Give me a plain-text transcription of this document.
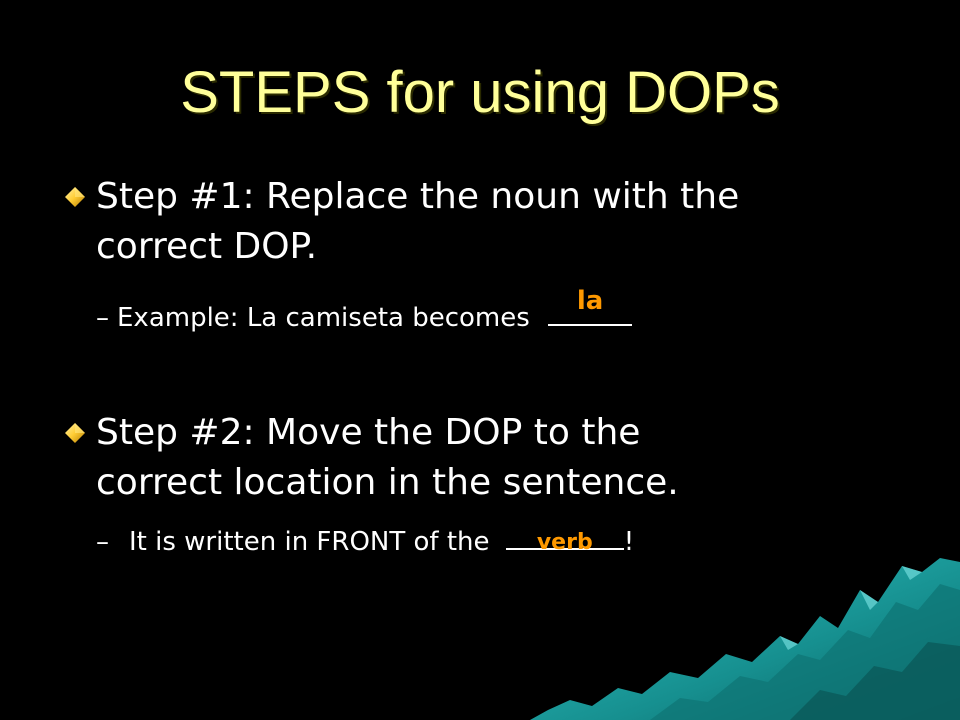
STEPS for using DOPs
Step #1: Replace the noun with the
correct DOP.
– Example: La camiseta becomes
la
Step #2: Move the DOP to the
correct location in the sentence.
– It is written in FRONT of the	verb	!
